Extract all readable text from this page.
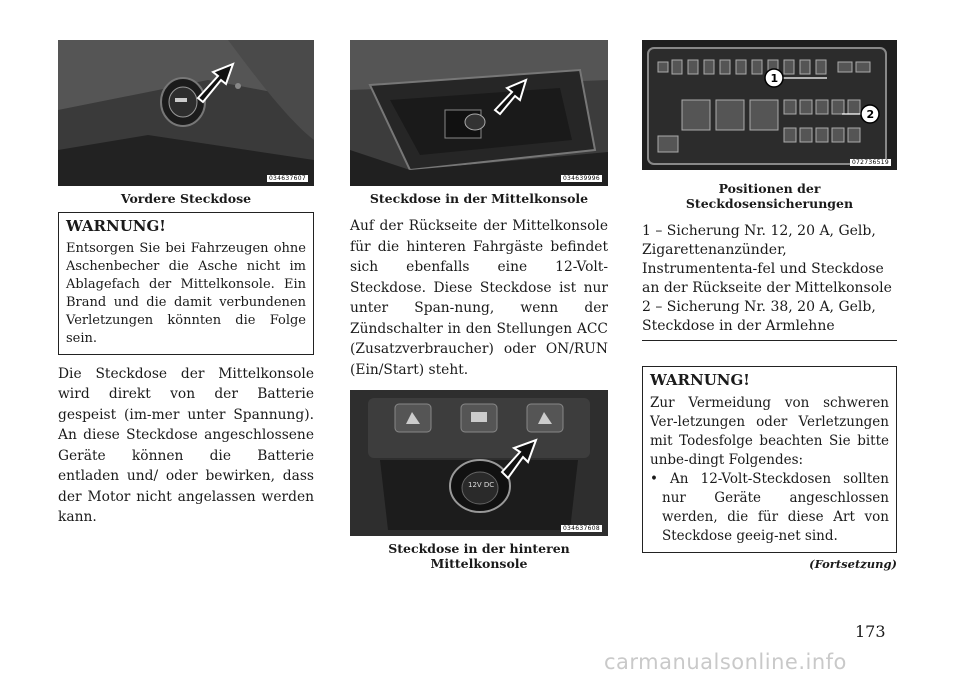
034637607
Vordere Steckdose
WARNUNG!
Entsorgen Sie bei Fahrzeugen ohne Aschenbecher die Asche nicht im Ablagefach der Mittelkonsole. Ein Brand und die damit verbundenen Verletzungen könnten die Folge sein.
Die Steckdose der Mittelkonsole wird direkt von der Batterie gespeist (im-mer unter Spannung). An diese Steckdose angeschlossene Geräte können die Batterie entladen und/ oder bewirken, dass der Motor nicht angelassen werden kann.
034639996
Steckdose in der Mittelkonsole
Auf der Rückseite der Mittelkonsole für die hinteren Fahrgäste befindet sich ebenfalls eine 12-Volt-Steckdose. Diese Steckdose ist nur unter Span-nung, wenn der Zündschalter in den Stellungen ACC (Zusatzverbraucher) oder ON/RUN (Ein/Start) steht.
12V DC
034637608
Steckdose in der hinteren
Mittelkonsole
1
2
072736519
Positionen der
Steckdosensicherungen
1 – Sicherung Nr. 12, 20 A, Gelb, Zigarettenanzünder, Instrumententa-fel und Steckdose an der Rückseite der Mittelkonsole
2 – Sicherung Nr. 38, 20 A, Gelb, Steckdose in der Armlehne
WARNUNG!
Zur Vermeidung von schweren Ver-letzungen oder Verletzungen mit Todesfolge beachten Sie bitte unbe-dingt Folgendes:
• An 12-Volt-Steckdosen sollten nur Geräte angeschlossen werden, die für diese Art von Steckdose geeig-net sind.
(Fortsetzung)
173
carmanualsonline.info
